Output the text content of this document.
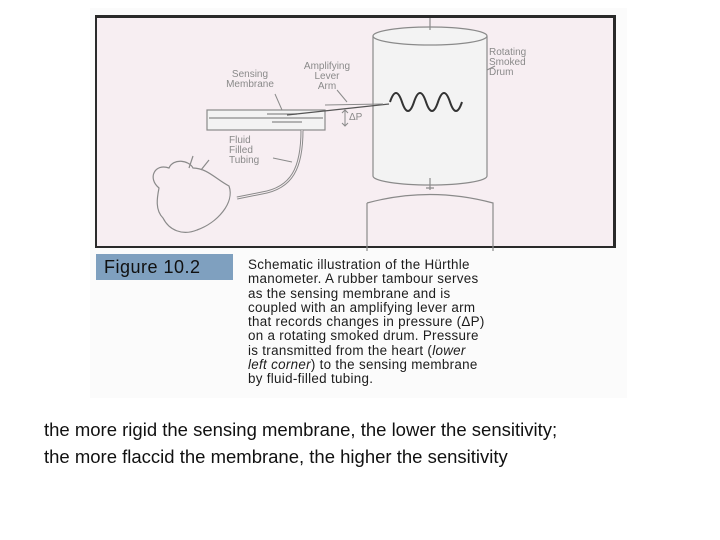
Sensing
Membrane
Amplifying
Lever
Arm
Rotating
Smoked
Drum
ΔP
Fluid
Filled
Tubing
Figure 10.2	Schematic illustration of the Hürthle
manometer. A rubber tambour serves
as the sensing membrane and is
coupled with an amplifying lever arm
that records changes in pressure (ΔP)
on a rotating smoked drum. Pressure
is transmitted from the heart (lower
left corner) to the sensing membrane
by fluid-filled tubing.
the more rigid the sensing membrane, the lower the sensitivity;
the more flaccid the membrane, the higher the sensitivity
